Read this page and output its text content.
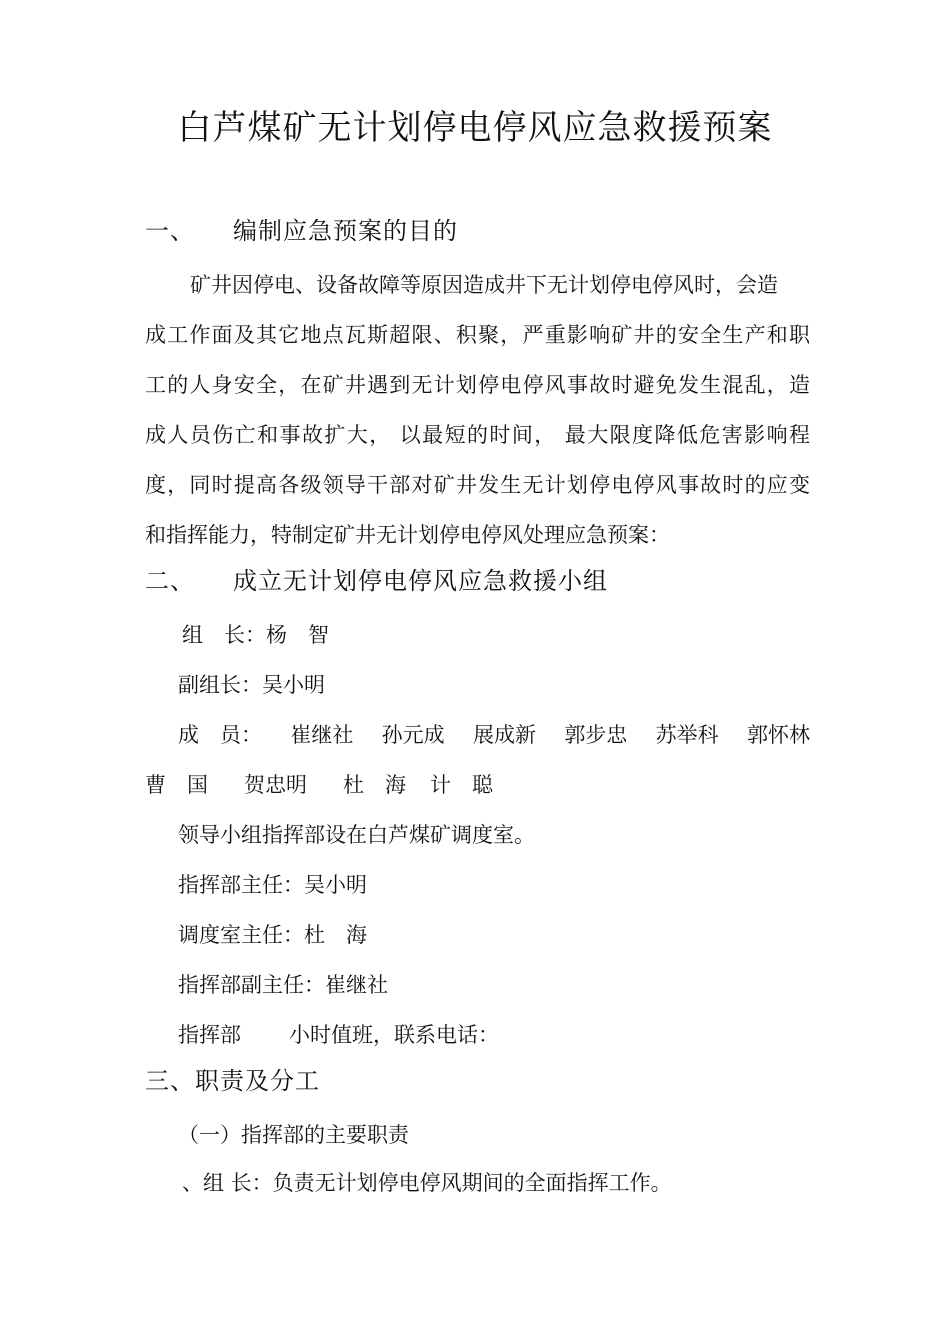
白芦煤矿无计划停电停风应急救援预案
一、 编制应急预案的目的
矿井因停电、设备故障等原因造成井下无计划停电停风时，会造
成工作面及其它地点瓦斯超限、积聚，严重影响矿井的安全生产和职
工的人身安全，在矿井遇到无计划停电停风事故时避免发生混乱，造
成人员伤亡和事故扩大， 以最短的时间， 最大限度降低危害影响程
度，同时提高各级领导干部对矿井发生无计划停电停风事故时的应变
和指挥能力，特制定矿井无计划停电停风处理应急预案：
二、 成立无计划停电停风应急救援小组
组　长：杨　智
副组长：吴小明
成　员： 崔继社 孙元成 展成新 郭步忠 苏举科 郭怀林
曹　国 贺忠明 杜　海 计　聪
领导小组指挥部设在白芦煤矿调度室。
指挥部主任：吴小明
调度室主任：杜　海
指挥部副主任：崔继社
指挥部 小时值班，联系电话：
三、职责及分工
（一）指挥部的主要职责
、组 长：负责无计划停电停风期间的全面指挥工作。
